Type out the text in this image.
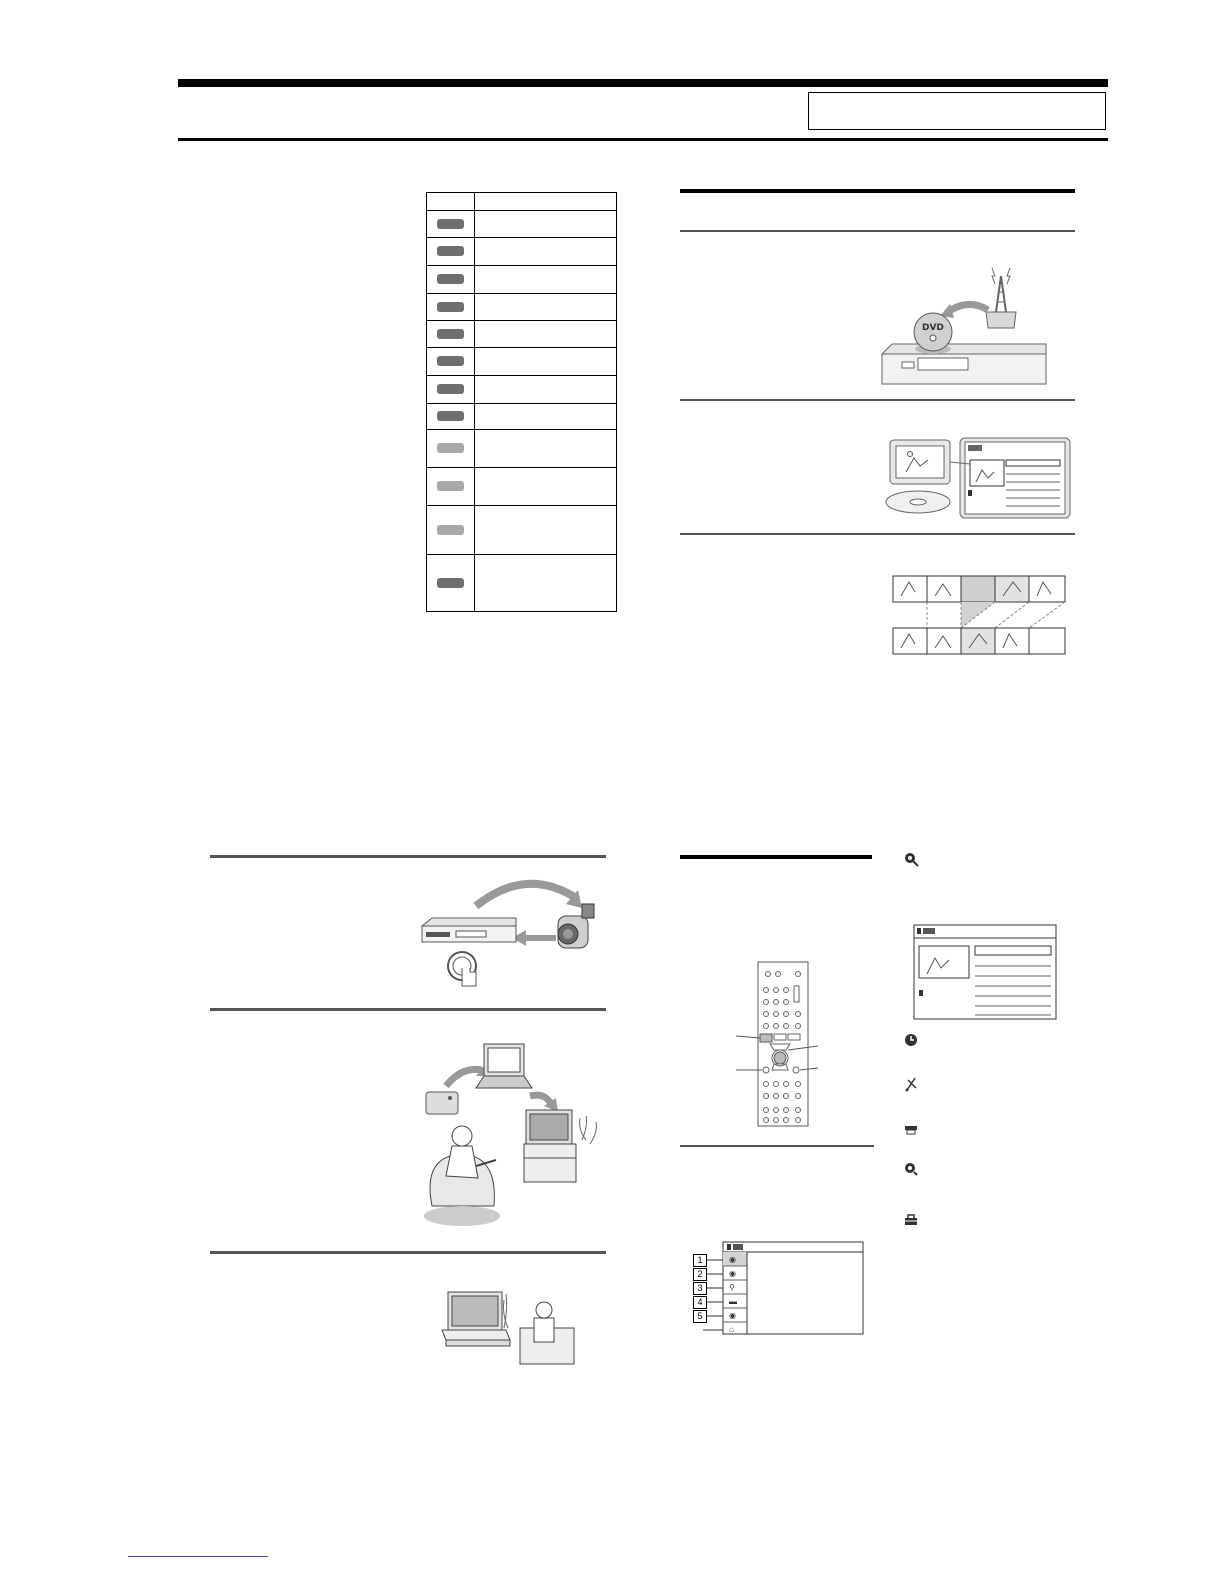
DVD
◉
◉
⚲
▬
◉
⌂
1
2
3
4
5
